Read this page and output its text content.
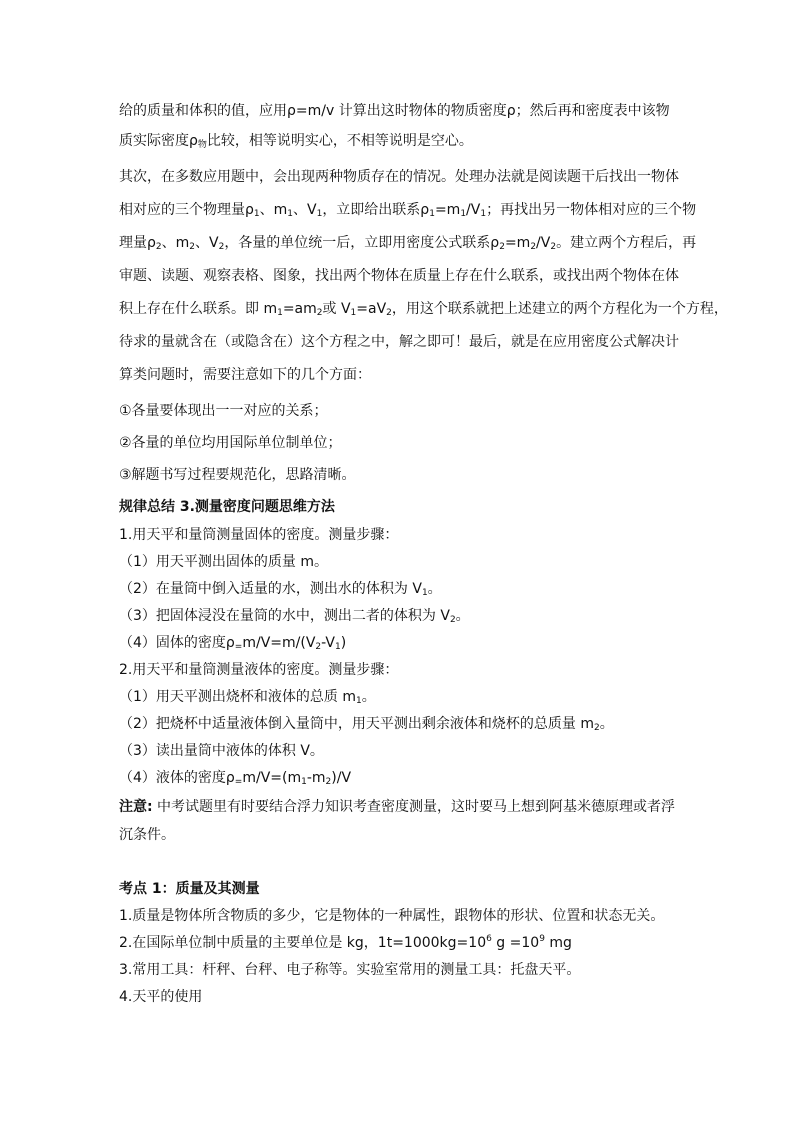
给的质量和体积的值，应用ρ=m/v 计算出这时物体的物质密度ρ；然后再和密度表中该物
质实际密度$\rho_物$比较，相等说明实心，不相等说明是空心。
其次，在多数应用题中，会出现两种物质存在的情况。处理办法就是阅读题干后找出一物体
相对应的三个物理量$\rho_1$、$m_1$、$V_1$，立即给出联系$\rho_1=m_1/V_1$；再找出另一物体相对应的三个物
理量$\rho_2$、$m_2$、$V_2$，各量的单位统一后，立即用密度公式联系$\rho_2=m_2/V_2$。建立两个方程后，再
审题、读题、观察表格、图象，找出两个物体在质量上存在什么联系，或找出两个物体在体
积上存在什么联系。即 $m_1=am_2$或 $V_1=aV_2$，用这个联系就把上述建立的两个方程化为一个方程，
待求的量就含在（或隐含在）这个方程之中，解之即可！最后，就是在应用密度公式解决计
算类问题时，需要注意如下的几个方面：
①各量要体现出一一对应的关系；
②各量的单位均用国际单位制单位；
③解题书写过程要规范化，思路清晰。
规律总结 3.测量密度问题思维方法
1.用天平和量筒测量固体的密度。测量步骤：
（1）用天平测出固体的质量 m。
（2）在量筒中倒入适量的水，测出水的体积为 $V_1$。
（3）把固体浸没在量筒的水中，测出二者的体积为 $V_2$。
（4）固体的密度$\rho_=m/V=m/(V_2-V_1)$
2.用天平和量筒测量液体的密度。测量步骤：
（1）用天平测出烧杯和液体的总质 $m_1$。
（2）把烧杯中适量液体倒入量筒中，用天平测出剩余液体和烧杯的总质量 $m_2$。
（3）读出量筒中液体的体积 V。
（4）液体的密度$\rho_=m/V=(m_1-m_2)/V$
注意: 中考试题里有时要结合浮力知识考查密度测量，这时要马上想到阿基米德原理或者浮
沉条件。
考点 1：质量及其测量
1.质量是物体所含物质的多少，它是物体的一种属性，跟物体的形状、位置和状态无关。
2.在国际单位制中质量的主要单位是 kg，$1t=1000kg=10^6$ $g =10^9$ mg
3.常用工具：杆秤、台秤、电子称等。实验室常用的测量工具：托盘天平。
4.天平的使用
